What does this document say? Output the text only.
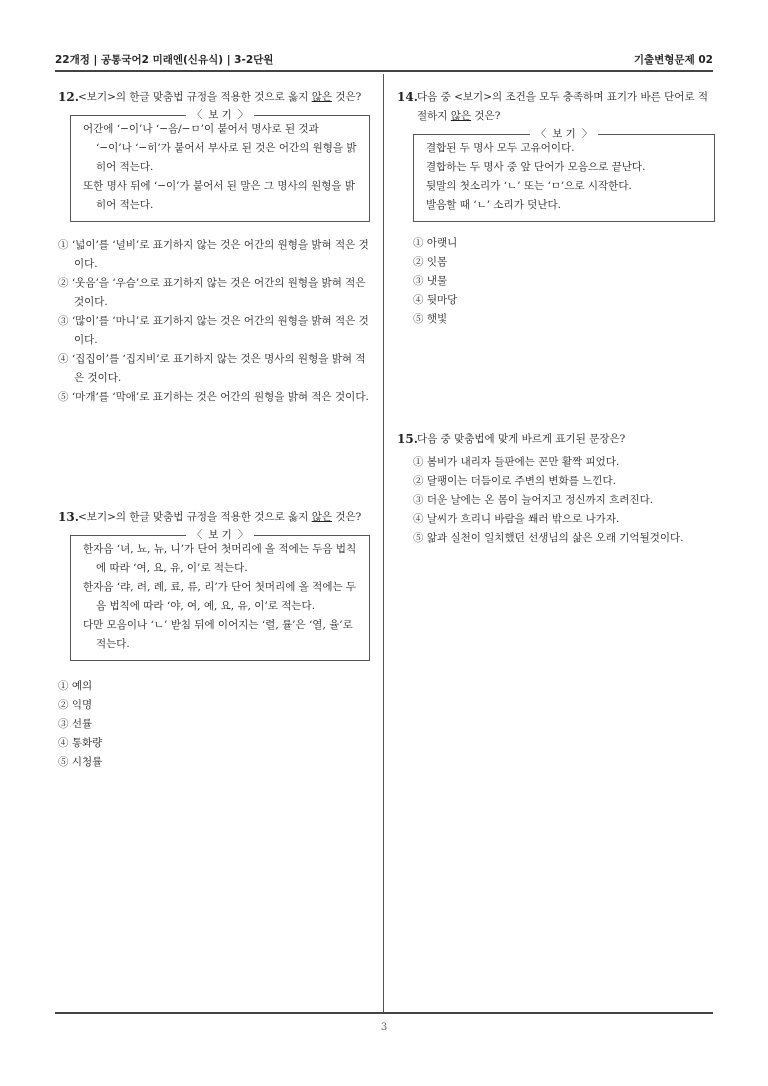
22개정 | 공통국어2 미래엔(신유식) | 3-2단원	기출변형문제 02
3
12. <보기>의 한글 맞춤법 규정을 적용한 것으로 옳지 않은 것은?
〈 보 기 〉
어간에 ‘−이’나 ‘−음/−ㅁ’이 붙어서 명사로 된 것과 ‘−이’나 ‘−히’가 붙어서 부사로 된 것은 어간의 원형을 밝히어 적는다.
또한 명사 뒤에 ‘−이’가 붙어서 된 말은 그 명사의 원형을 밝히어 적는다.
① ‘넓이’를 ‘널비’로 표기하지 않는 것은 어간의 원형을 밝혀 적은 것이다.
② ‘웃음’을 ‘우슴’으로 표기하지 않는 것은 어간의 원형을 밝혀 적은 것이다.
③ ‘많이’를 ‘마니’로 표기하지 않는 것은 어간의 원형을 밝혀 적은 것이다.
④ ‘집집이’를 ‘집지비’로 표기하지 않는 것은 명사의 원형을 밝혀 적은 것이다.
⑤ ‘마개’를 ‘막애’로 표기하는 것은 어간의 원형을 밝혀 적은 것이다.
13. <보기>의 한글 맞춤법 규정을 적용한 것으로 옳지 않은 것은?
〈 보 기 〉
한자음 ‘녀, 뇨, 뉴, 니’가 단어 첫머리에 올 적에는 두음 법칙에 따라 ‘여, 요, 유, 이’로 적는다.
한자음 ‘랴, 려, 례, 료, 류, 리’가 단어 첫머리에 올 적에는 두음 법칙에 따라 ‘야, 여, 예, 요, 유, 이’로 적는다.
다만 모음이나 ‘ㄴ’ 받침 뒤에 이어지는 ‘렬, 률’은 ‘열, 율’로 적는다.
① 예의
② 익명
③ 선률
④ 통화량
⑤ 시청률
14. 다음 중 <보기>의 조건을 모두 충족하며 표기가 바른 단어로 적절하지 않은 것은?
〈 보 기 〉
결합된 두 명사 모두 고유어이다.
결합하는 두 명사 중 앞 단어가 모음으로 끝난다.
뒷말의 첫소리가 ‘ㄴ’ 또는 ‘ㅁ’으로 시작한다.
발음할 때 ‘ㄴ’ 소리가 덧난다.
① 아랫니
② 잇몸
③ 냇물
④ 뒷마당
⑤ 햇빛
15. 다음 중 맞춤법에 맞게 바르게 표기된 문장은?
① 봄비가 내리자 들판에는 꼰만 활짝 피었다.
② 달팽이는 더듬이로 주변의 변화를 느낀다.
③ 더운 날에는 온 몸이 늘어지고 정신까지 흐려진다.
④ 날씨가 흐리니 바람을 쐐러 밖으로 나가자.
⑤ 앎과 실천이 일치했던 선생님의 삶은 오래 기억될것이다.
